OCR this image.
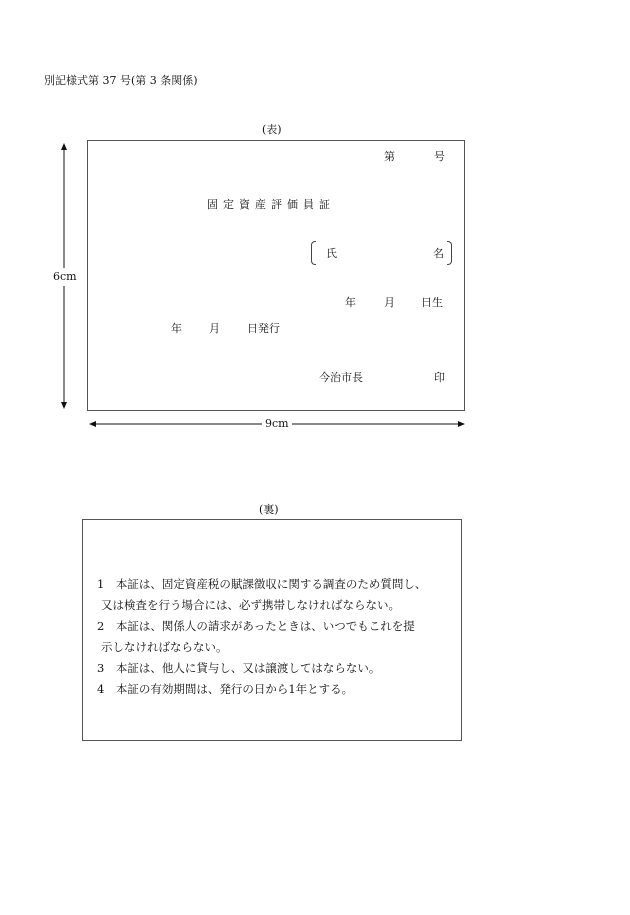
別記様式第 37 号(第 3 条関係)
(表)
6cm
9cm
第	号
固定資産評価員証
氏	名
年	月 日生
年 月 日発行
今治市長	印
(裏)
1　本証は、固定資産税の賦課徴収に関する調査のため質問し、
又は検査を行う場合には、必ず携帯しなければならない。
2　本証は、関係人の請求があったときは、いつでもこれを提
示しなければならない。
3　本証は、他人に貸与し、又は譲渡してはならない。
4　本証の有効期間は、発行の日から1年とする。
